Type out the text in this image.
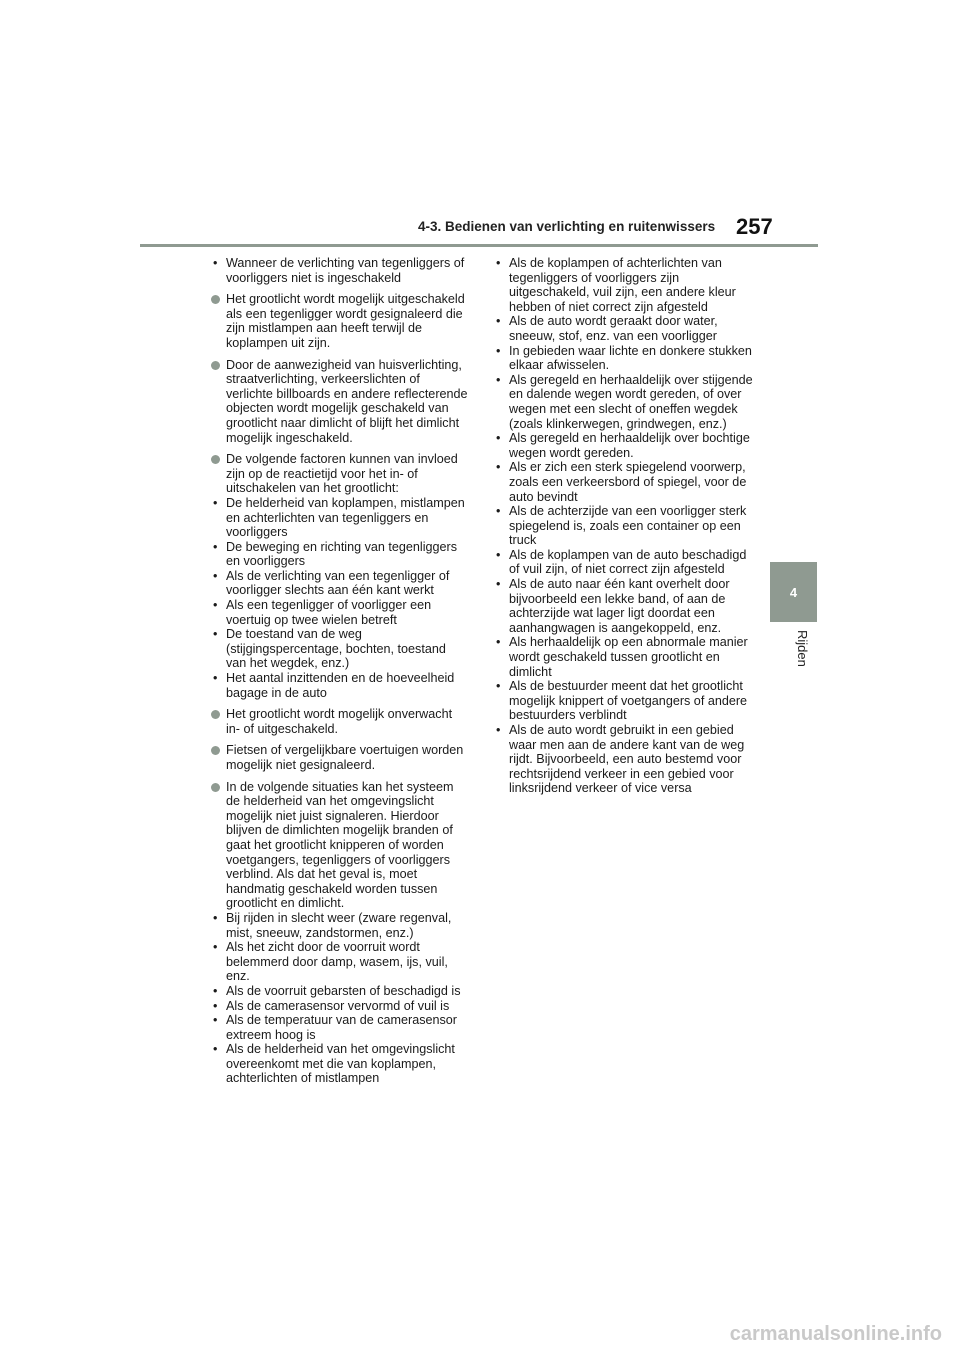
4-3. Bedienen van verlichting en ruitenwissers 257
4
Rijden
• Wanneer de verlichting van tegenliggers of voorliggers niet is ingeschakeld
Het grootlicht wordt mogelijk uitgeschakeld als een tegenligger wordt gesignaleerd die zijn mistlampen aan heeft terwijl de koplampen uit zijn.
Door de aanwezigheid van huisverlichting, straatverlichting, verkeerslichten of verlichte billboards en andere reflecterende objecten wordt mogelijk geschakeld van grootlicht naar dimlicht of blijft het dimlicht mogelijk ingeschakeld.
De volgende factoren kunnen van invloed zijn op de reactietijd voor het in- of uitschakelen van het grootlicht:
• De helderheid van koplampen, mistlampen en achterlichten van tegenliggers en voorliggers
• De beweging en richting van tegenliggers en voorliggers
• Als de verlichting van een tegenligger of voorligger slechts aan één kant werkt
• Als een tegenligger of voorligger een voertuig op twee wielen betreft
• De toestand van de weg (stijgingspercentage, bochten, toestand van het wegdek, enz.)
• Het aantal inzittenden en de hoeveelheid bagage in de auto
Het grootlicht wordt mogelijk onverwacht in- of uitgeschakeld.
Fietsen of vergelijkbare voertuigen worden mogelijk niet gesignaleerd.
In de volgende situaties kan het systeem de helderheid van het omgevingslicht mogelijk niet juist signaleren. Hierdoor blijven de dimlichten mogelijk branden of gaat het grootlicht knipperen of worden voetgangers, tegenliggers of voorliggers verblind. Als dat het geval is, moet handmatig geschakeld worden tussen grootlicht en dimlicht.
• Bij rijden in slecht weer (zware regenval, mist, sneeuw, zandstormen, enz.)
• Als het zicht door de voorruit wordt belemmerd door damp, wasem, ijs, vuil, enz.
• Als de voorruit gebarsten of beschadigd is
• Als de camerasensor vervormd of vuil is
• Als de temperatuur van de camerasensor extreem hoog is
• Als de helderheid van het omgevingslicht overeenkomt met die van koplampen, achterlichten of mistlampen
• Als de koplampen of achterlichten van tegenliggers of voorliggers zijn uitgeschakeld, vuil zijn, een andere kleur hebben of niet correct zijn afgesteld
• Als de auto wordt geraakt door water, sneeuw, stof, enz. van een voorligger
• In gebieden waar lichte en donkere stukken elkaar afwisselen.
• Als geregeld en herhaaldelijk over stijgende en dalende wegen wordt gereden, of over wegen met een slecht of oneffen wegdek (zoals klinkerwegen, grindwegen, enz.)
• Als geregeld en herhaaldelijk over bochtige wegen wordt gereden.
• Als er zich een sterk spiegelend voorwerp, zoals een verkeersbord of spiegel, voor de auto bevindt
• Als de achterzijde van een voorligger sterk spiegelend is, zoals een container op een truck
• Als de koplampen van de auto beschadigd of vuil zijn, of niet correct zijn afgesteld
• Als de auto naar één kant overhelt door bijvoorbeeld een lekke band, of aan de achterzijde wat lager ligt doordat een aanhangwagen is aangekoppeld, enz.
• Als herhaaldelijk op een abnormale manier wordt geschakeld tussen grootlicht en dimlicht
• Als de bestuurder meent dat het grootlicht mogelijk knippert of voetgangers of andere bestuurders verblindt
• Als de auto wordt gebruikt in een gebied waar men aan de andere kant van de weg rijdt. Bijvoorbeeld, een auto bestemd voor rechtsrijdend verkeer in een gebied voor linksrijdend verkeer of vice versa
carmanualsonline.info
